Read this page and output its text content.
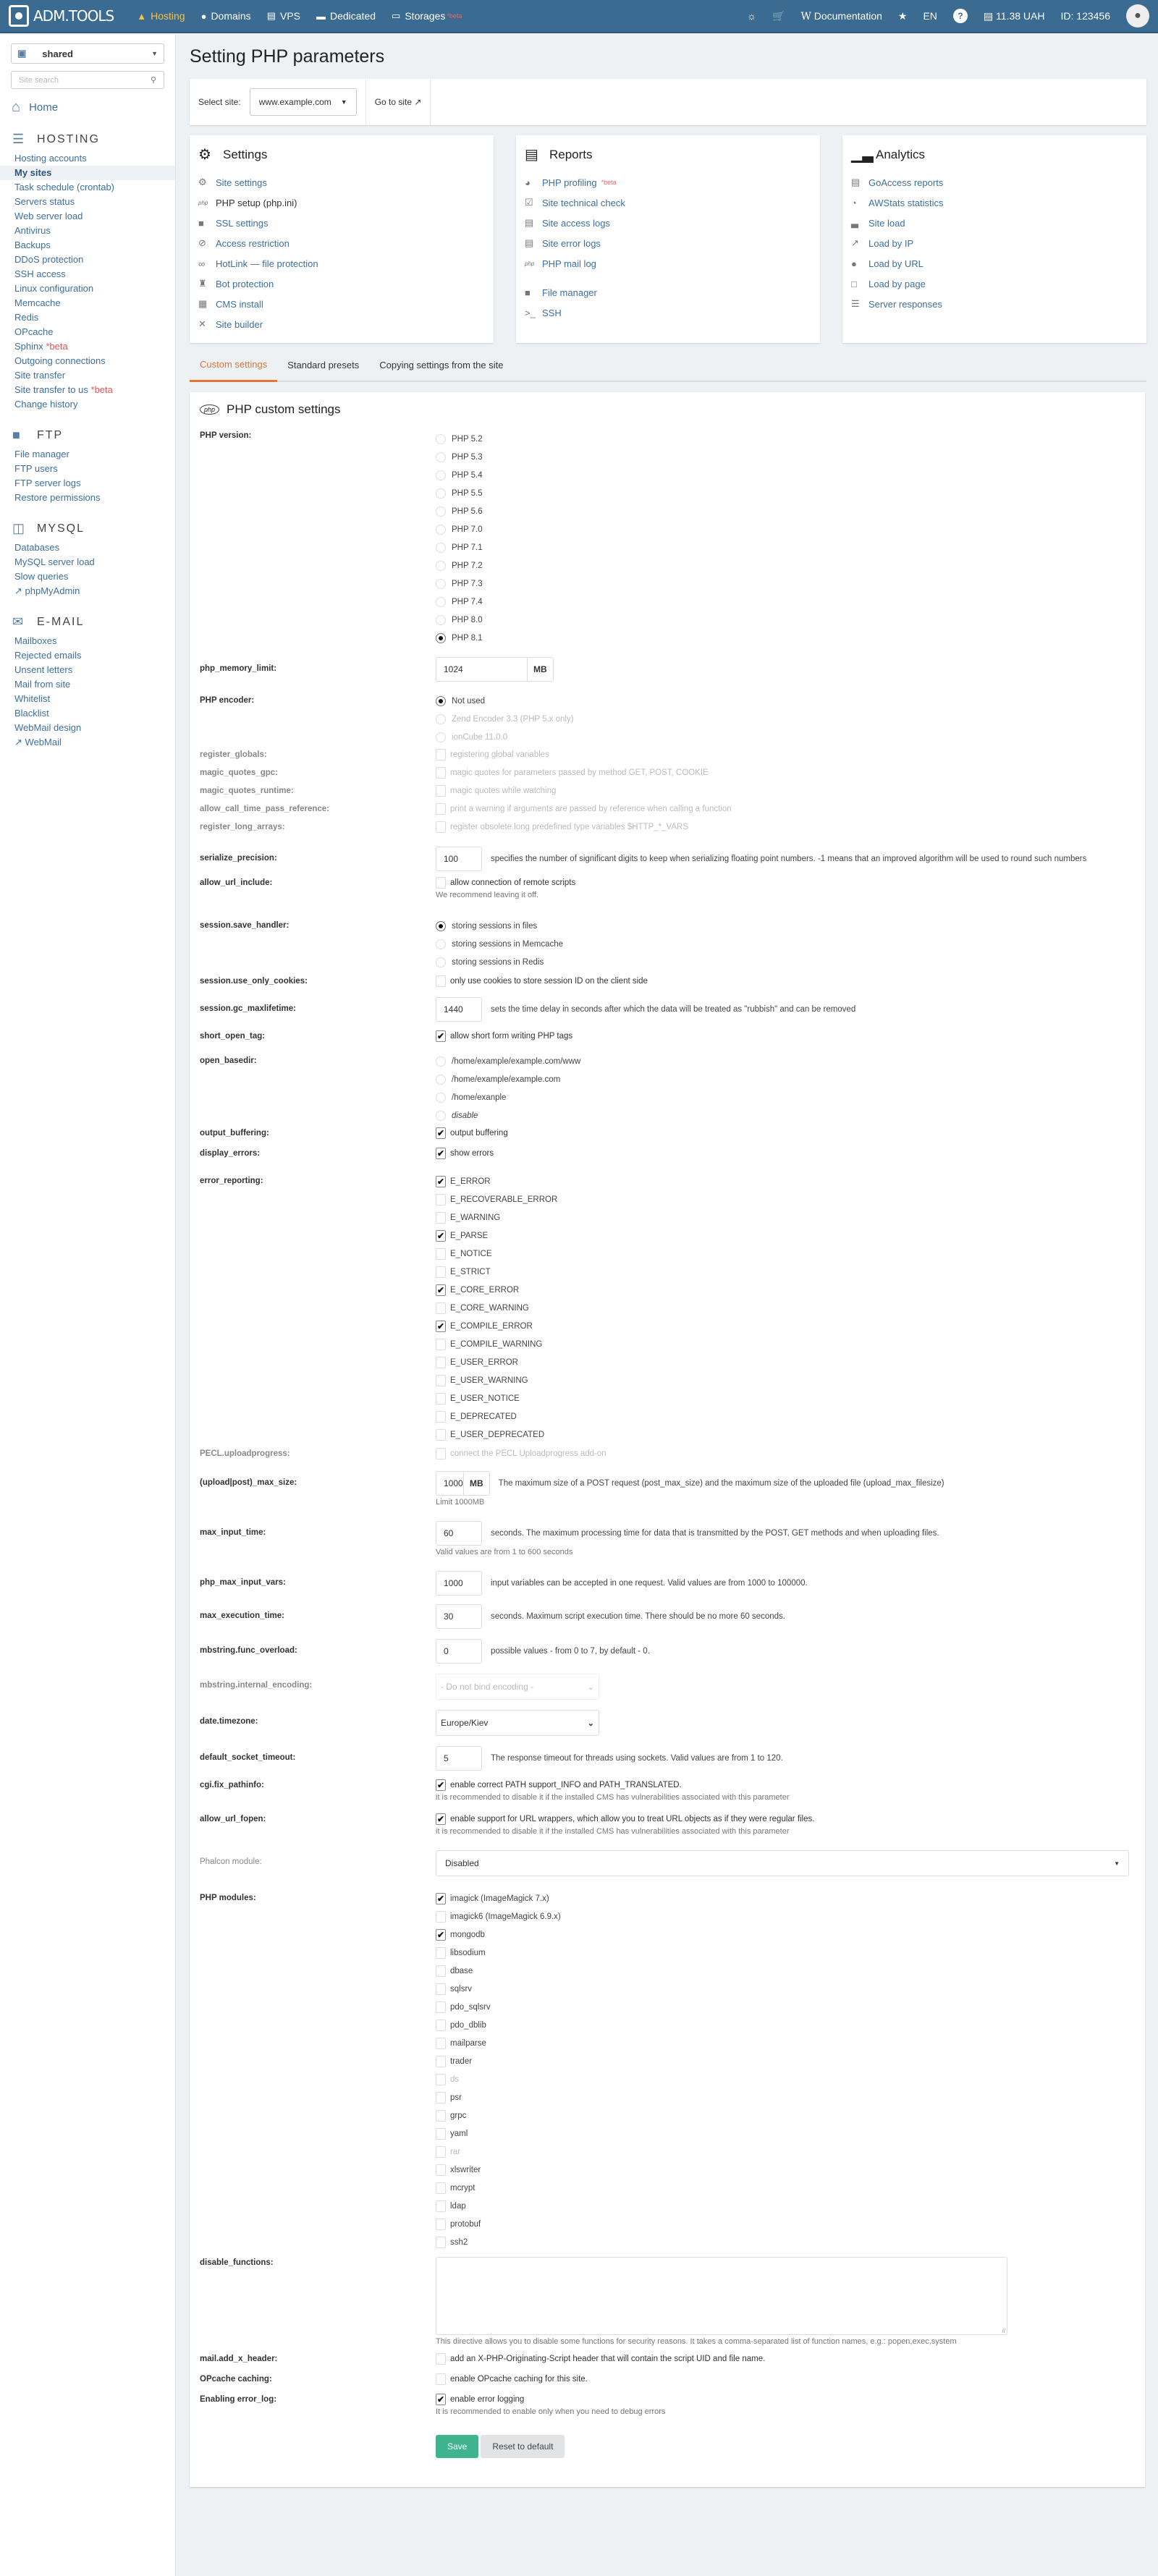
ADM.TOOLS ▲ Hosting ● Domains ▤ VPS ▬ Dedicated ▭ Storages *beta	☼ 🛒 W Documentation ★ EN	?	▤ 11.38 UAH ID: 123456	●
▣ shared	▼
Site search	⚲
⌂ Home
☰ HOSTING
Hosting accounts
My sites
Task schedule (crontab)
Servers status
Web server load
Antivirus
Backups
DDoS protection
SSH access
Linux configuration
Memcache
Redis
OPcache
Sphinx *beta
Outgoing connections
Site transfer
Site transfer to us *beta
Change history
■	FTP
File manager
FTP users
FTP server logs
Restore permissions
◫ MYSQL
Databases
MySQL server load
Slow queries
↗ phpMyAdmin
✉	E-MAIL
Mailboxes
Rejected emails
Unsent letters
Mail from site
Whitelist
Blacklist
WebMail design
↗ WebMail
Setting PHP parameters
Select site: www.example.com ▼	Go to site
↗
⚙ Settings
⚙ Site settings
php PHP setup (php.ini)
■	SSL settings
⊘	Access restriction
∞	HotLink — file protection
♜ Bot protection
▦ CMS install
✕	Site builder
▤ Reports
◕	PHP profiling *beta
☑ Site technical check
▤ Site access logs
▤ Site error logs
php PHP mail log
■	File manager
>_ SSH
▁▃ Analytics
▤ GoAccess reports
◔	AWStats statistics
▃	Site load
↗	Load by IP
●	Load by URL
□	Load by page
☰ Server responses
Custom settings	Standard presets	Copying settings from the site
php PHP custom settings
PHP version:	PHP 5.2
PHP 5.3
PHP 5.4
PHP 5.5
PHP 5.6
PHP 7.0
PHP 7.1
PHP 7.2
PHP 7.3
PHP 7.4
PHP 8.0
PHP 8.1
php_memory_limit:	1024	MB
PHP encoder:	Not used
Zend Encoder 3.3 (PHP 5.x only)
ionCube 11.0.0
register_globals:	registering global variables
magic_quotes_gpc:	magic quotes for parameters passed by method GET, POST, COOKIE
magic_quotes_runtime:	magic quotes while watching
allow_call_time_pass_reference:	print a warning if arguments are passed by reference when calling a function
register_long_arrays:	register obsolete long predefined type variables $HTTP_*_VARS
serialize_precision:	100	specifies the number of significant digits to keep when serializing floating point numbers. -1 means that an improved algorithm will be used to round such numbers
allow_url_include:	allow connection of remote scripts
We recommend leaving it off.
session.save_handler:	storing sessions in files
storing sessions in Memcache
storing sessions in Redis
session.use_only_cookies:	only use cookies to store session ID on the client side
session.gc_maxlifetime:	1440	sets the time delay in seconds after which the data will be treated as "rubbish" and can be removed
short_open_tag:	✔ allow short form writing PHP tags
open_basedir:	/home/example/example.com/www
/home/example/example.com
/home/exanple
disable
output_buffering:	✔ output buffering
display_errors:	✔ show errors
error_reporting:	✔ E_ERROR
E_RECOVERABLE_ERROR
E_WARNING
✔ E_PARSE
E_NOTICE
E_STRICT
✔ E_CORE_ERROR
E_CORE_WARNING
✔ E_COMPILE_ERROR
E_COMPILE_WARNING
E_USER_ERROR
E_USER_WARNING
E_USER_NOTICE
E_DEPRECATED
E_USER_DEPRECATED
PECL.uploadprogress:	connect the PECL Uploadprogress add-on
(upload|post)_max_size:	1000 MB	The maximum size of a POST request (post_max_size) and the maximum size of the uploaded file (upload_max_filesize)
Limit 1000MB
max_input_time:	60	seconds. The maximum processing time for data that is transmitted by the POST, GET methods and when uploading files.
Valid values are from 1 to 600 seconds
php_max_input_vars:	1000	input variables can be accepted in one request. Valid values are from 1000 to 100000.
max_execution_time:	30	seconds. Maximum script execution time. There should be no more 60 seconds.
mbstring.func_overload:	0	possible values - from 0 to 7, by default - 0.
mbstring.internal_encoding:	- Do not bind encoding -	⌄
date.timezone:	Europe/Kiev	⌄
default_socket_timeout:	5	The response timeout for threads using sockets. Valid values are from 1 to 120.
cgi.fix_pathinfo:	✔ enable correct PATH support_INFO and PATH_TRANSLATED.
it is recommended to disable it if the installed CMS has vulnerabilities associated with this parameter
allow_url_fopen:	✔ enable support for URL wrappers, which allow you to treat URL objects as if they were regular files.
it is recommended to disable it if the installed CMS has vulnerabilities associated with this parameter
Phalcon module:	Disabled	▼
PHP modules:	✔ imagick (ImageMagick 7.x)
imagick6 (ImageMagick 6.9.x)
✔ mongodb
libsodium
dbase
sqlsrv
pdo_sqlsrv
pdo_dblib
mailparse
trader
ds
psr
grpc
yaml
rar
xlswriter
mcrypt
ldap
protobuf
ssh2
disable_functions:
//
This directive allows you to disable some functions for security reasons. It takes a comma-separated list of function names, e.g.: popen,exec,system
mail.add_x_header:	add an X-PHP-Originating-Script header that will contain the script UID and file name.
OPcache caching:	enable OPcache caching for this site.
Enabling error_log:	✔ enable error logging
It is recommended to enable only when you need to debug errors
Save	Reset to default
